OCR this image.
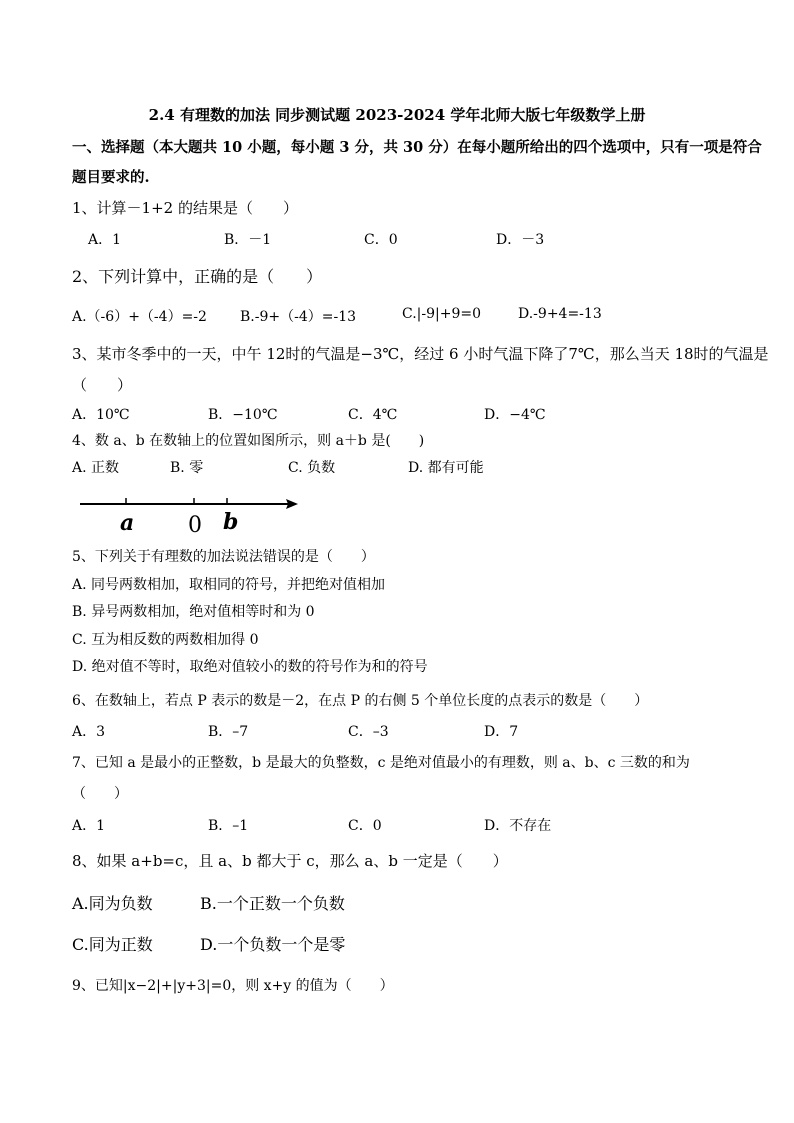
2.4 有理数的加法 同步测试题 2023-2024 学年北师大版七年级数学上册
一、选择题（本大题共 10 小题，每小题 3 分，共 30 分）在每小题所给出的四个选项中，只有一项是符合
题目要求的.
1、计算－1+2 的结果是（　　）
A．1	B．－1	C．0	D．－3
2、下列计算中，正确的是（　　）
A.（-6）+（-4）=-2 B.-9+（-4）=-13	C.|-9|+9=0	D.-9+4=-13
3、某市冬季中的一天，中午 12时的气温是−3℃，经过 6 小时气温下降了7℃，那么当天 18时的气温是
（　　）
A．10℃	B．−10℃	C．4℃	D．−4℃
4、数 a、b 在数轴上的位置如图所示，则 a＋b 是(　　)
A. 正数	B. 零	C. 负数	D. 都有可能
a 0 b
5、下列关于有理数的加法说法错误的是（　　）
A. 同号两数相加，取相同的符号，并把绝对值相加
B. 异号两数相加，绝对值相等时和为 0
C. 互为相反数的两数相加得 0
D. 绝对值不等时，取绝对值较小的数的符号作为和的符号
6、在数轴上，若点 P 表示的数是－2，在点 P 的右侧 5 个单位长度的点表示的数是（　　）
A．3	B．–7	C．–3	D．7
7、已知 a 是最小的正整数，b 是最大的负整数，c 是绝对值最小的有理数，则 a、b、c 三数的和为
（　　）
A．1	B．–1	C．0	D．不存在
8、如果 a+b=c，且 a、b 都大于 c，那么 a、b 一定是（　　）
A.同为负数	B.一个正数一个负数
C.同为正数	D.一个负数一个是零
9、已知|x−2|+|y+3|=0，则 x+y 的值为（　　）
